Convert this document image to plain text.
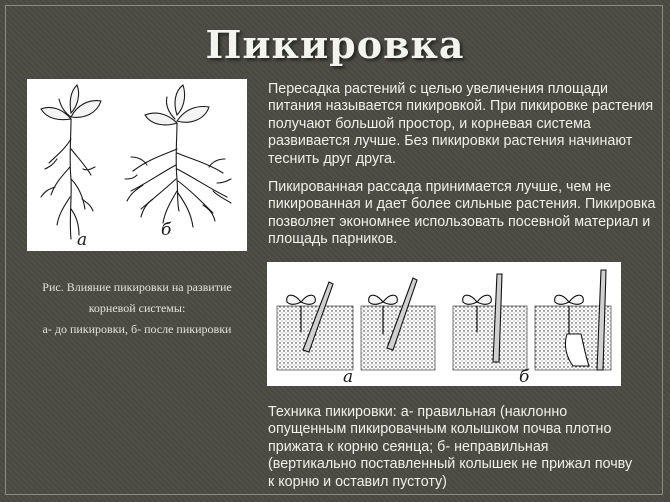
Пикировка
а	б
Пересадка растений с целью увеличения площади питания называется пикировкой. При пикировке растения получают большой простор, и корневая система развивается лучше. Без пикировки растения начинают теснить друг друга.
Пикированная рассада принимается лучше, чем не пикированная и дает более сильные растения. Пикировка позволяет экономнее использовать посевной материал и площадь парников.
Рис. Влияние пикировки на развитие
корневой системы:
а- до пикировки, б- после пикировки
а	б
Техника пикировки: а- правильная (наклонно опущенным пикировачным колышком почва плотно прижата к корню сеянца; б- неправильная (вертикально поставленный колышек не прижал почву к корню и оставил пустоту)
